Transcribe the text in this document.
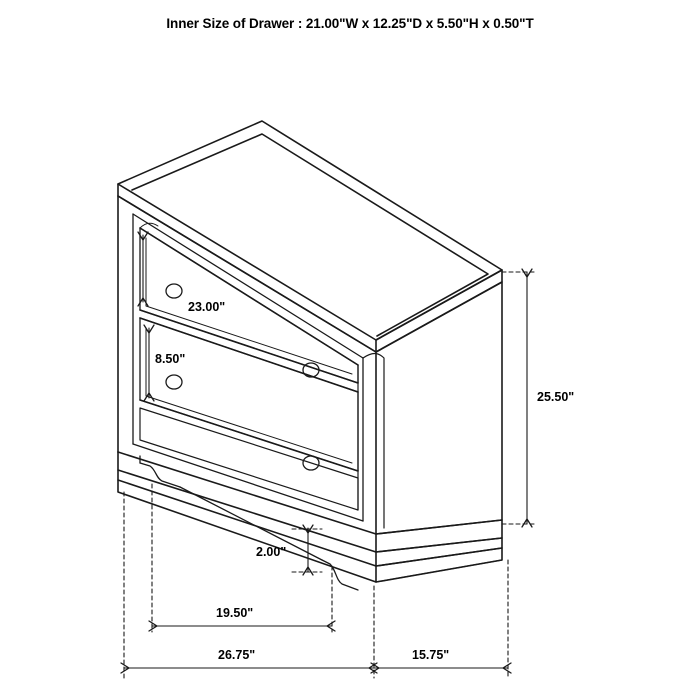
Inner Size of Drawer : 21.00"W x 12.25"D x 5.50"H x 0.50"T
23.00"
8.50"
2.00"
19.50"
26.75"	15.75"
25.50"
